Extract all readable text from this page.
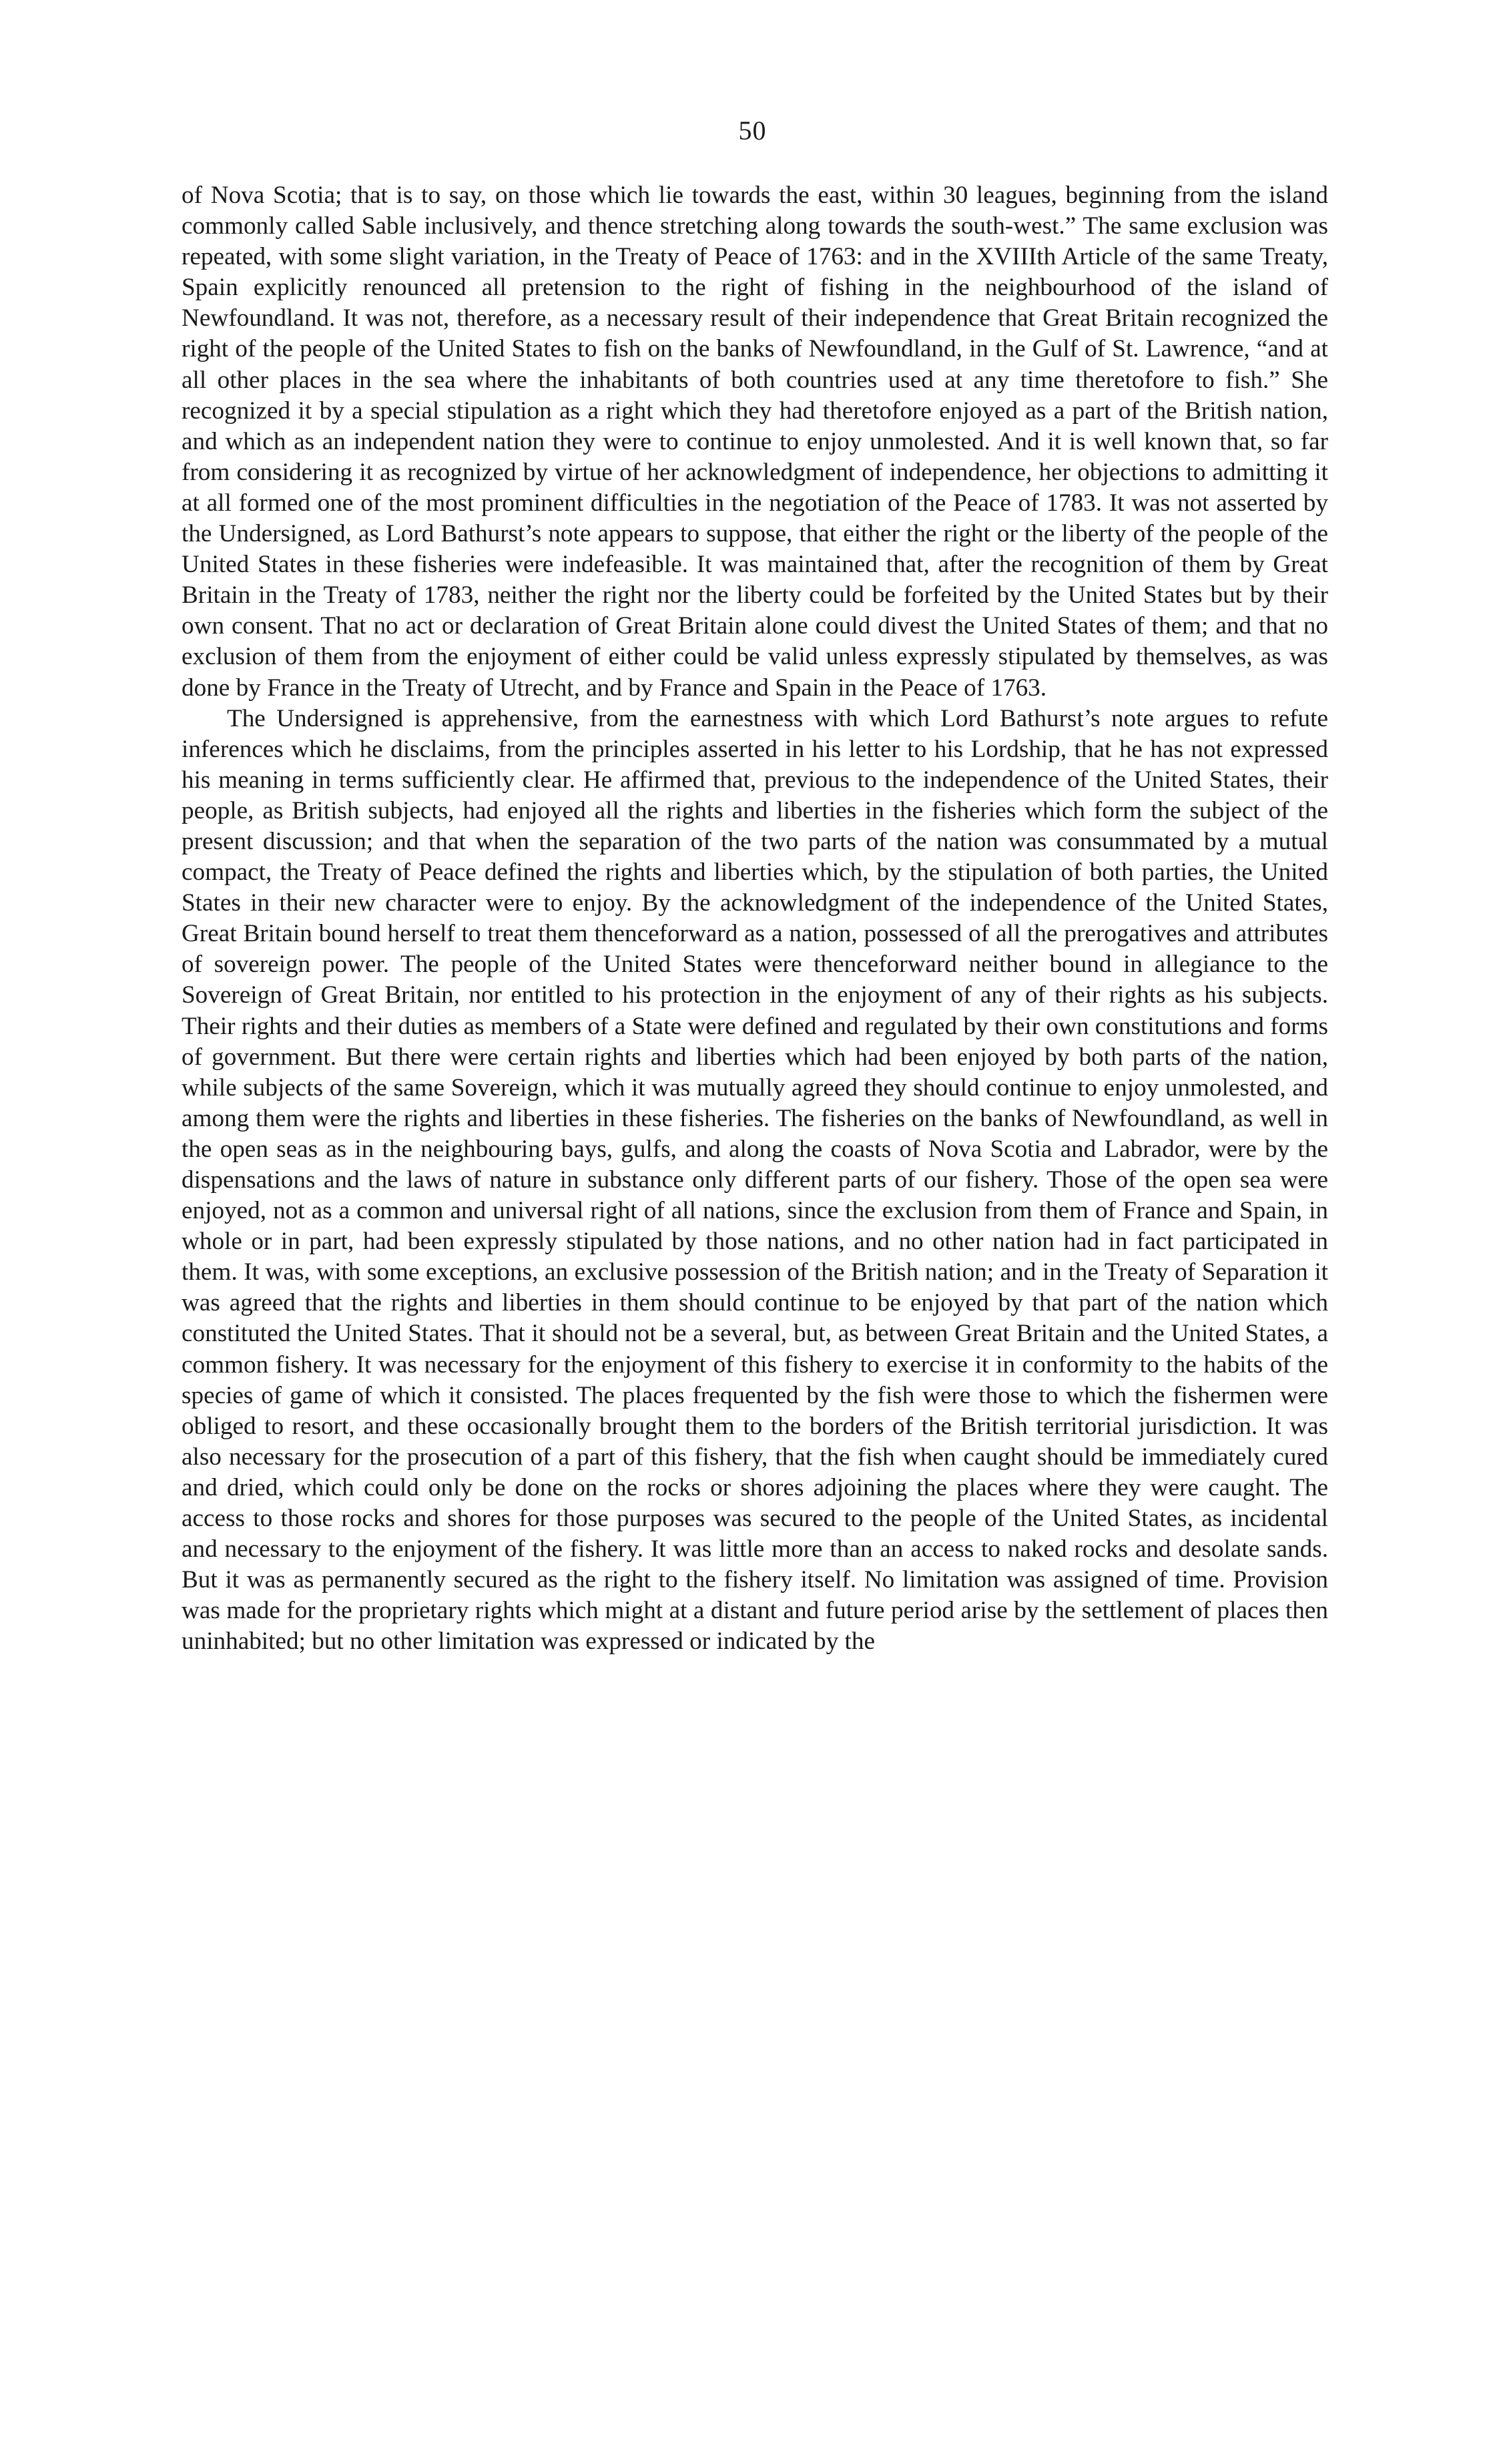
50

of Nova Scotia; that is to say, on those which lie towards the east, within 30 leagues, beginning from the island commonly called Sable inclusively, and thence stretching along towards the south-west.” The same exclusion was repeated, with some slight variation, in the Treaty of Peace of 1763: and in the XVIIIth Article of the same Treaty, Spain explicitly renounced all pretension to the right of fishing in the neighbourhood of the island of Newfoundland. It was not, therefore, as a necessary result of their independence that Great Britain recognized the right of the people of the United States to fish on the banks of Newfoundland, in the Gulf of St. Lawrence, “and at all other places in the sea where the inhabitants of both countries used at any time theretofore to fish.” She recognized it by a special stipulation as a right which they had theretofore enjoyed as a part of the British nation, and which as an independent nation they were to continue to enjoy unmolested. And it is well known that, so far from considering it as recognized by virtue of her acknowledgment of independence, her objections to admitting it at all formed one of the most prominent difficulties in the negotiation of the Peace of 1783. It was not asserted by the Undersigned, as Lord Bathurst’s note appears to suppose, that either the right or the liberty of the people of the United States in these fisheries were indefeasible. It was maintained that, after the recognition of them by Great Britain in the Treaty of 1783, neither the right nor the liberty could be forfeited by the United States but by their own consent. That no act or declaration of Great Britain alone could divest the United States of them; and that no exclusion of them from the enjoyment of either could be valid unless expressly stipulated by themselves, as was done by France in the Treaty of Utrecht, and by France and Spain in the Peace of 1763.

The Undersigned is apprehensive, from the earnestness with which Lord Bathurst’s note argues to refute inferences which he disclaims, from the principles asserted in his letter to his Lordship, that he has not expressed his meaning in terms sufficiently clear. He affirmed that, previous to the independence of the United States, their people, as British subjects, had enjoyed all the rights and liberties in the fisheries which form the subject of the present discussion; and that when the separation of the two parts of the nation was consummated by a mutual compact, the Treaty of Peace defined the rights and liberties which, by the stipulation of both parties, the United States in their new character were to enjoy. By the acknowledgment of the independence of the United States, Great Britain bound herself to treat them thenceforward as a nation, possessed of all the prerogatives and attributes of sovereign power. The people of the United States were thenceforward neither bound in allegiance to the Sovereign of Great Britain, nor entitled to his protection in the enjoyment of any of their rights as his subjects. Their rights and their duties as members of a State were defined and regulated by their own constitutions and forms of government. But there were certain rights and liberties which had been enjoyed by both parts of the nation, while subjects of the same Sovereign, which it was mutually agreed they should continue to enjoy unmolested, and among them were the rights and liberties in these fisheries. The fisheries on the banks of Newfoundland, as well in the open seas as in the neighbouring bays, gulfs, and along the coasts of Nova Scotia and Labrador, were by the dispensations and the laws of nature in substance only different parts of our fishery. Those of the open sea were enjoyed, not as a common and universal right of all nations, since the exclusion from them of France and Spain, in whole or in part, had been expressly stipulated by those nations, and no other nation had in fact participated in them. It was, with some exceptions, an exclusive possession of the British nation; and in the Treaty of Separation it was agreed that the rights and liberties in them should continue to be enjoyed by that part of the nation which constituted the United States. That it should not be a several, but, as between Great Britain and the United States, a common fishery. It was necessary for the enjoyment of this fishery to exercise it in conformity to the habits of the species of game of which it consisted. The places frequented by the fish were those to which the fishermen were obliged to resort, and these occasionally brought them to the borders of the British territorial jurisdiction. It was also necessary for the prosecution of a part of this fishery, that the fish when caught should be immediately cured and dried, which could only be done on the rocks or shores adjoining the places where they were caught. The access to those rocks and shores for those purposes was secured to the people of the United States, as incidental and necessary to the enjoyment of the fishery. It was little more than an access to naked rocks and desolate sands. But it was as permanently secured as the right to the fishery itself. No limitation was assigned of time. Provision was made for the proprietary rights which might at a distant and future period arise by the settlement of places then uninhabited; but no other limitation was expressed or indicated by the
